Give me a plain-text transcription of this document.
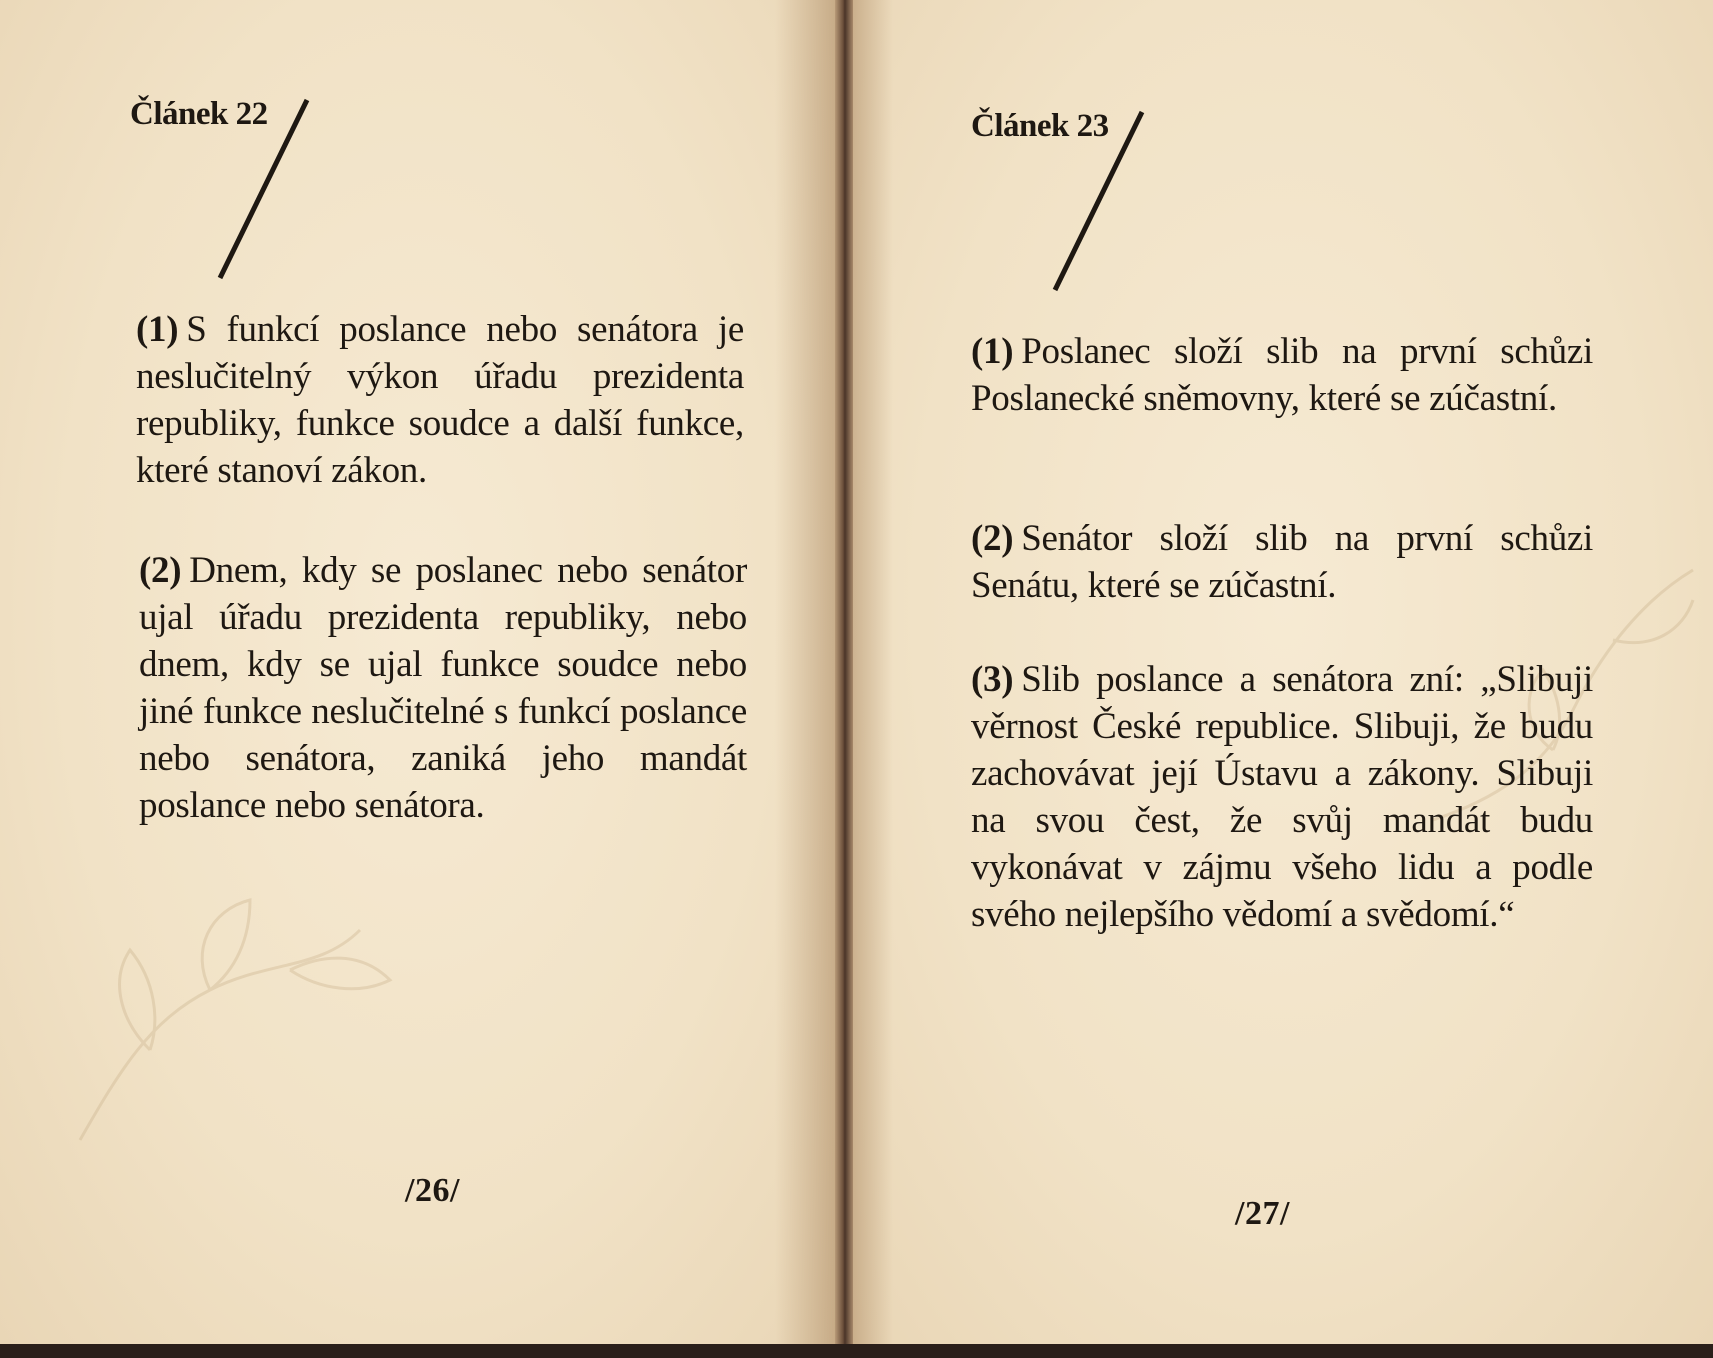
Článek 22
(1) S funkcí poslance nebo senátora je neslučitelný výkon úřadu prezidenta republiky, funkce soudce a další funkce, které stanoví zákon.
(2) Dnem, kdy se poslanec nebo senátor ujal úřadu prezidenta republiky, nebo dnem, kdy se ujal funkce soudce nebo jiné funkce neslučitelné s funkcí poslance nebo senátora, zaniká jeho mandát poslance nebo senátora.
/26/
Článek 23
(1) Poslanec složí slib na první schůzi Poslanecké sněmovny, které se zúčastní.
(2) Senátor složí slib na první schůzi Senátu, které se zúčastní.
(3) Slib poslance a senátora zní: „Slibuji věrnost České republice. Slibuji, že budu zachovávat její Ústavu a zákony. Slibuji na svou čest, že svůj mandát budu vykonávat v zájmu všeho lidu a podle svého nejlepšího vědomí a svědomí.“
/27/
